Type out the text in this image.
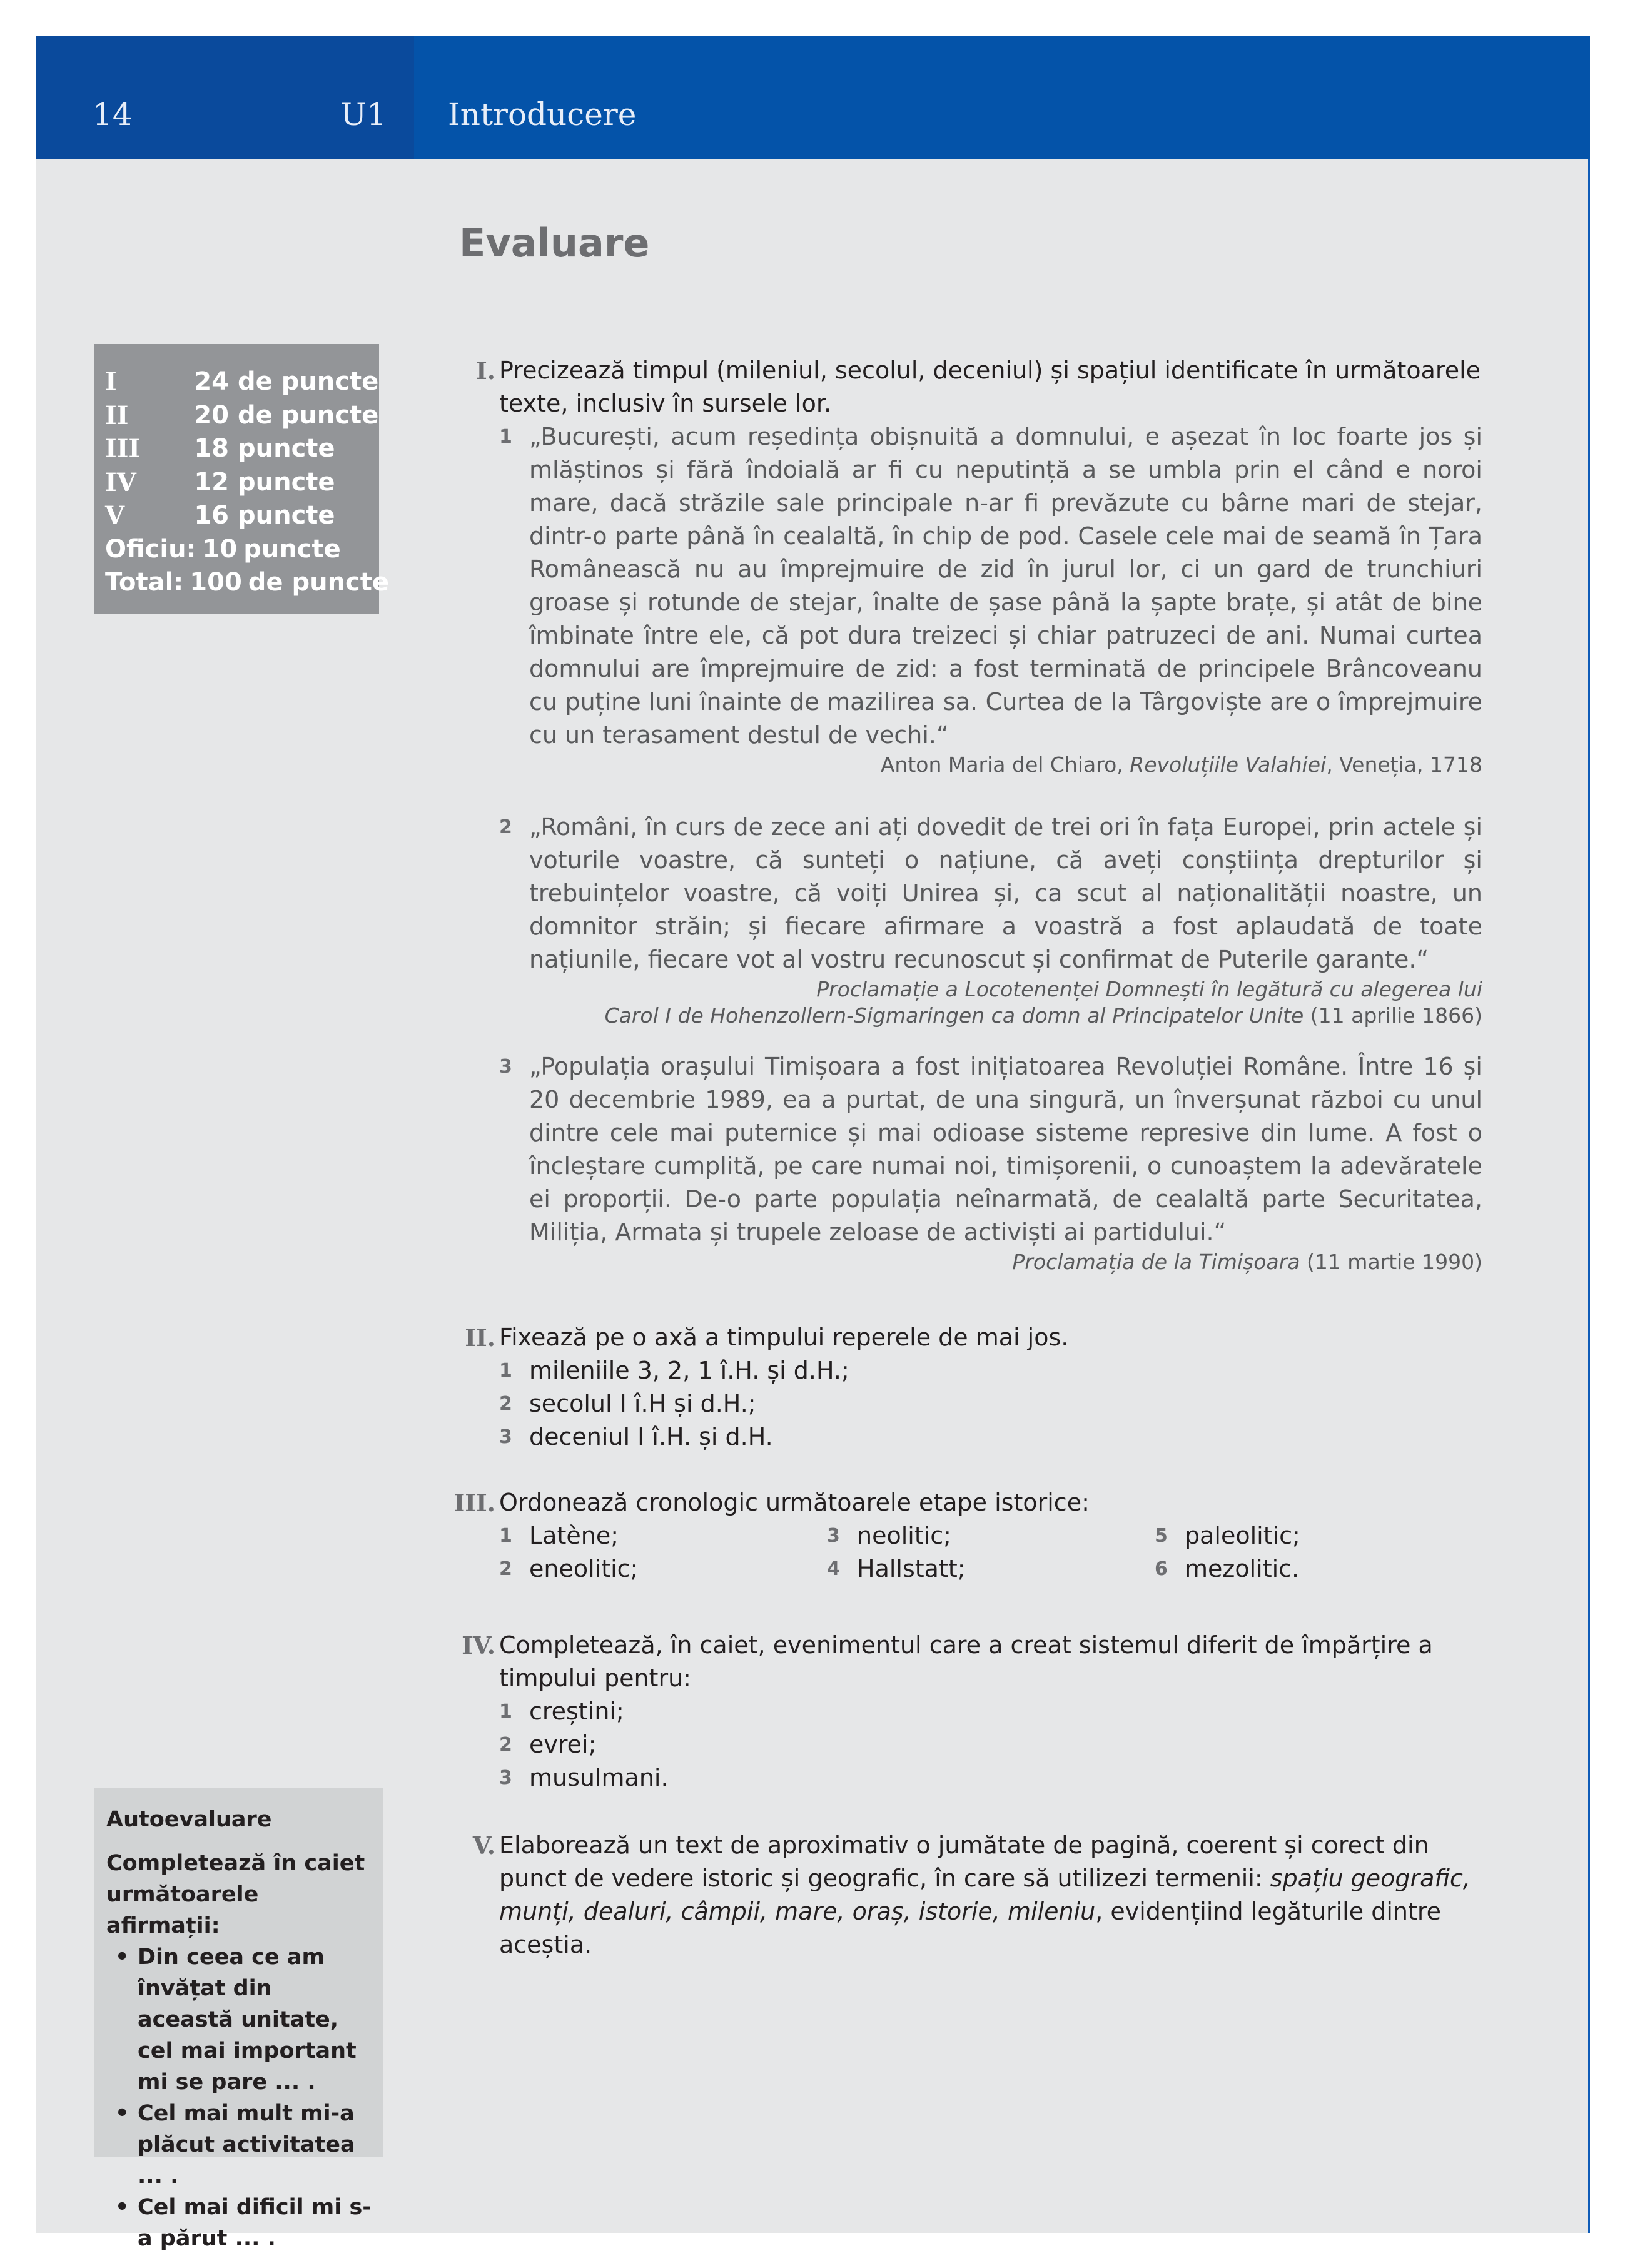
14	U1 Introducere
Evaluare
I	24 de puncte
II	20 de puncte
III	18 puncte
IV	12 puncte
V	16 puncte
Oficiu: 10 puncte
Total: 100 de puncte
Autoevaluare
Completează în caiet următoarele afirmații:
• Din ceea ce am învățat din această unitate, cel mai important mi se pare ... .
• Cel mai mult mi-a plăcut activitatea ... .
• Cel mai dificil mi s-a părut ... .
I. Precizează timpul (mileniul, secolul, deceniul) și spațiul identificate în următoarele texte, inclusiv în sursele lor.
1 „București, acum reședința obișnuită a domnului, e așezat în loc foarte jos și mlăștinos și fără îndoială ar fi cu neputință a se umbla prin el când e noroi mare, dacă străzile sale principale n-ar fi prevăzute cu bârne mari de stejar, dintr-o parte până în cealaltă, în chip de pod. Casele cele mai de seamă în Țara Românească nu au împrejmuire de zid în jurul lor, ci un gard de trunchiuri groase și rotunde de stejar, înalte de șase până la șapte brațe, și atât de bine îmbinate între ele, că pot dura treizeci și chiar patruzeci de ani. Numai curtea domnului are împrejmuire de zid: a fost terminată de principele Brâncoveanu cu puține luni înainte de mazilirea sa. Curtea de la Târgoviște are o împrejmuire cu un terasament destul de vechi.“
Anton Maria del Chiaro, Revoluțiile Valahiei, Veneția, 1718
2 „Români, în curs de zece ani ați dovedit de trei ori în fața Europei, prin actele și voturile voastre, că sunteți o națiune, că aveți conștiința drepturilor și trebuințelor voastre, că voiți Unirea și, ca scut al naționalității noastre, un domnitor străin; și fiecare afirmare a voastră a fost aplaudată de toate națiunile, fiecare vot al vostru recunoscut și confirmat de Puterile garante.“
Proclamație a Locotenenței Domnești în legătură cu alegerea lui
Carol I de Hohenzollern-Sigmaringen ca domn al Principatelor Unite (11 aprilie 1866)
3 „Populația orașului Timișoara a fost inițiatoarea Revoluției Române. Între 16 și 20 decembrie 1989, ea a purtat, de una singură, un înverșunat război cu unul dintre cele mai puternice și mai odioase sisteme represive din lume. A fost o încleștare cumplită, pe care numai noi, timișorenii, o cunoaștem la adevăratele ei proporții. De-o parte populația neînarmată, de cealaltă parte Securitatea, Miliția, Armata și trupele zeloase de activiști ai partidului.“
Proclamația de la Timișoara (11 martie 1990)
II. Fixează pe o axă a timpului reperele de mai jos.
1 mileniile 3, 2, 1 î.H. și d.H.;
2 secolul I î.H și d.H.;
3 deceniul I î.H. și d.H.
III. Ordonează cronologic următoarele etape istorice:
1 Latène;
2 eneolitic;
3 neolitic;
4 Hallstatt;
5 paleolitic;
6 mezolitic.
IV. Completează, în caiet, evenimentul care a creat sistemul diferit de împărțire a timpului pentru:
1 creștini;
2 evrei;
3 musulmani.
V. Elaborează un text de aproximativ o jumătate de pagină, coerent și corect din punct de vedere istoric și geografic, în care să utilizezi termenii: spațiu geografic, munți, dealuri, câmpii, mare, oraș, istorie, mileniu, evidențiind legăturile dintre aceștia.
